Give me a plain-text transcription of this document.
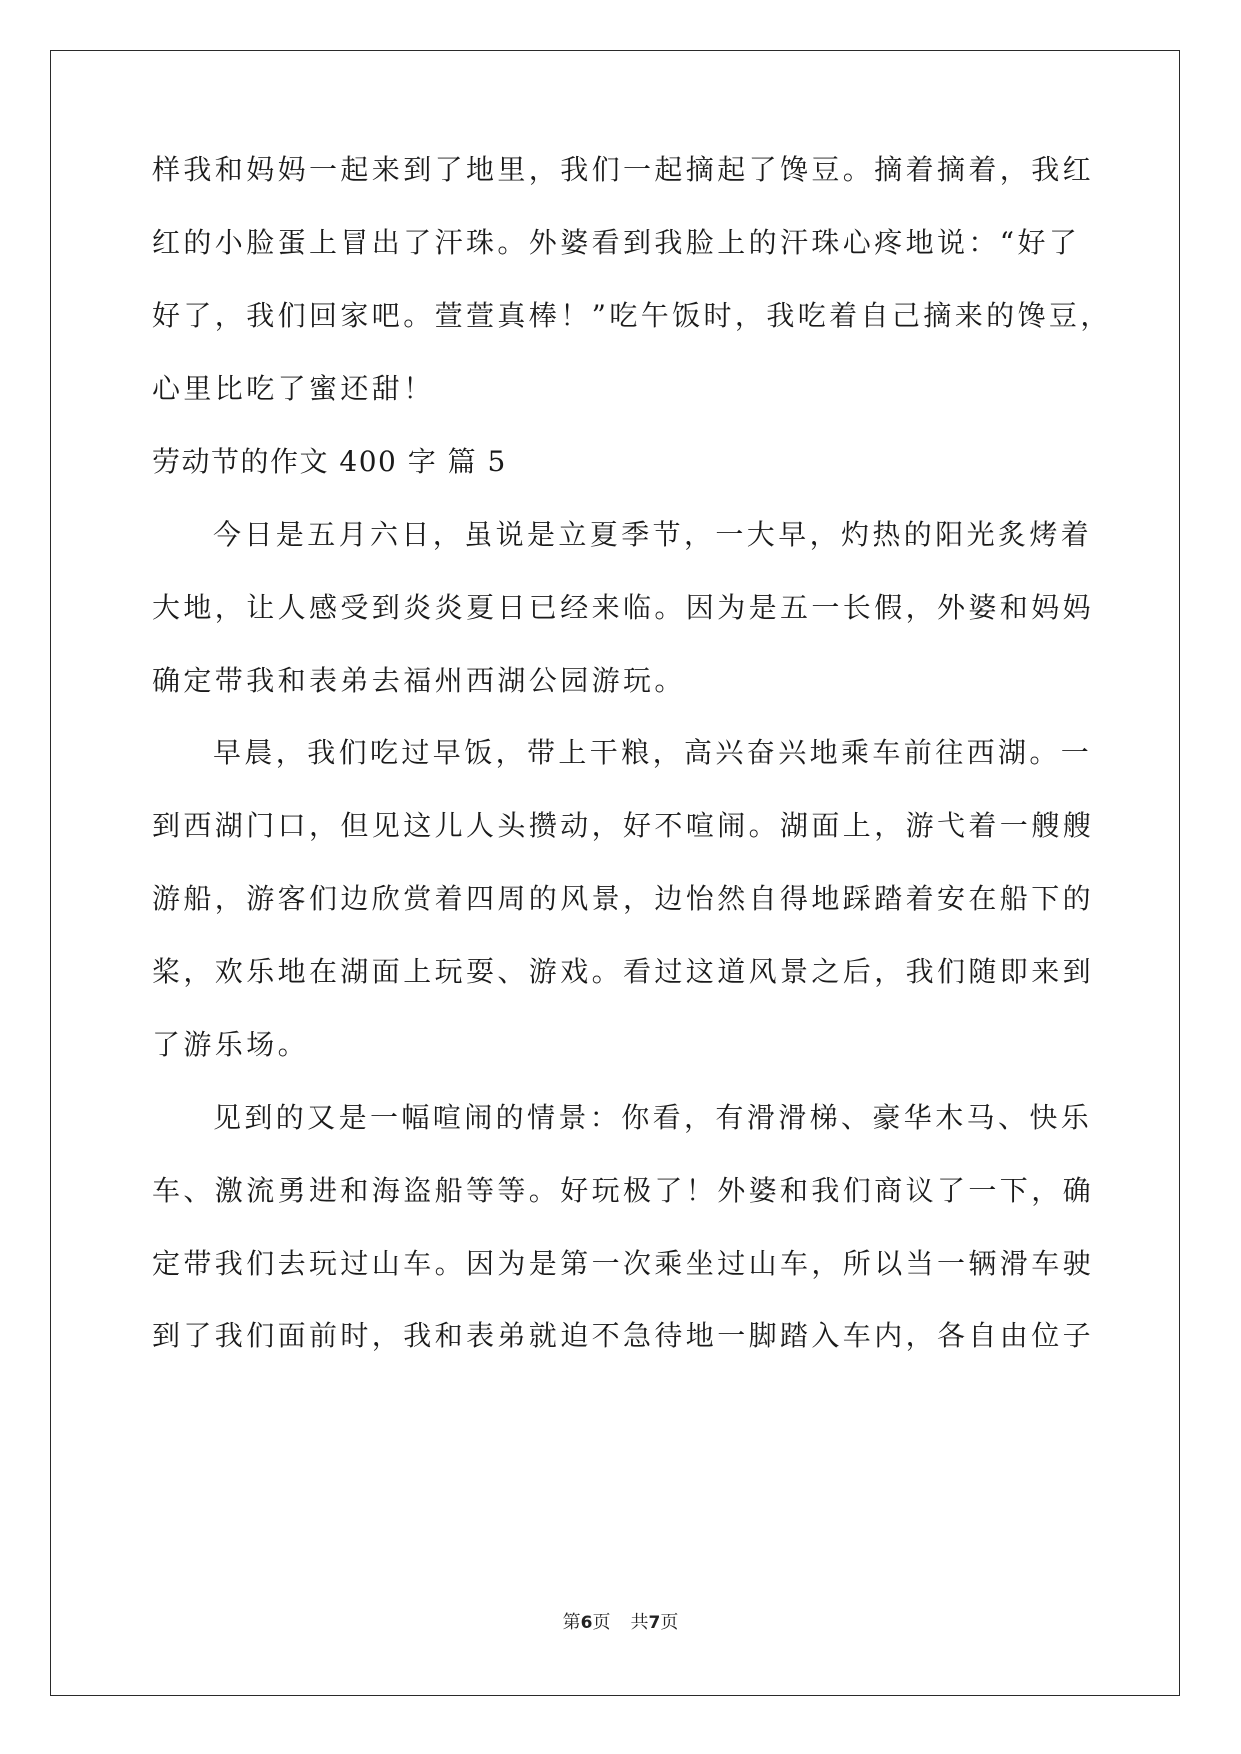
样我和妈妈一起来到了地里，我们一起摘起了馋豆。摘着摘着，我红
红的小脸蛋上冒出了汗珠。外婆看到我脸上的汗珠心疼地说：“好了
好了，我们回家吧。萱萱真棒！”吃午饭时，我吃着自己摘来的馋豆，
心里比吃了蜜还甜！
劳动节的作文 400 字 篇 5
今日是五月六日，虽说是立夏季节，一大早，灼热的阳光炙烤着
大地，让人感受到炎炎夏日已经来临。因为是五一长假，外婆和妈妈
确定带我和表弟去福州西湖公园游玩。
早晨，我们吃过早饭，带上干粮，高兴奋兴地乘车前往西湖。一
到西湖门口，但见这儿人头攒动，好不喧闹。湖面上，游弋着一艘艘
游船，游客们边欣赏着四周的风景，边怡然自得地踩踏着安在船下的
桨，欢乐地在湖面上玩耍、游戏。看过这道风景之后，我们随即来到
了游乐场。
见到的又是一幅喧闹的情景：你看，有滑滑梯、豪华木马、快乐
车、激流勇进和海盗船等等。好玩极了！外婆和我们商议了一下，确
定带我们去玩过山车。因为是第一次乘坐过山车，所以当一辆滑车驶
到了我们面前时，我和表弟就迫不急待地一脚踏入车内，各自由位子
第6页 共7页
